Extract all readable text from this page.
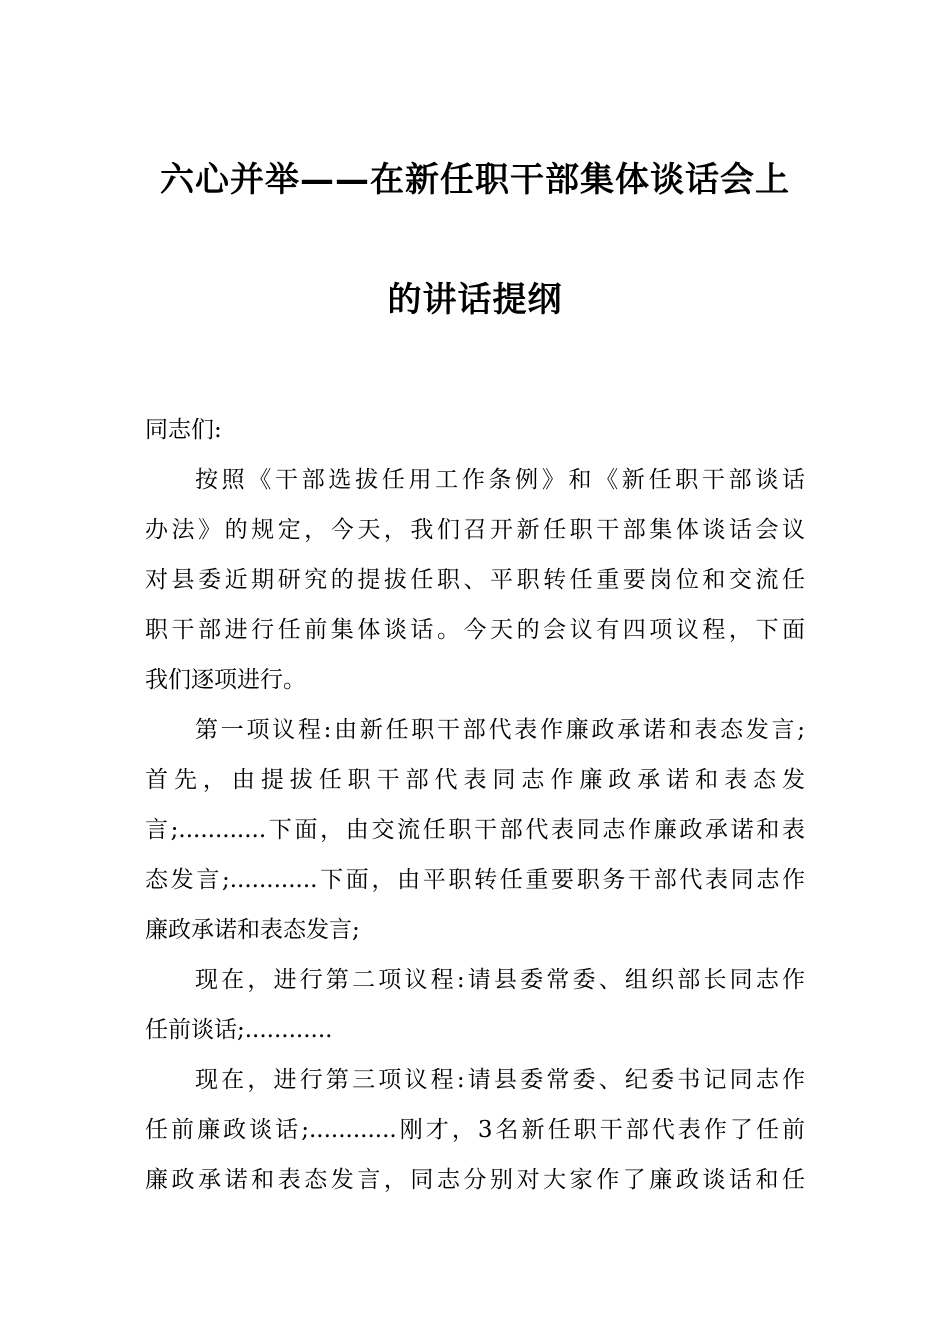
六心并举——在新任职干部集体谈话会上
的讲话提纲
同志们:
按照《干部选拔任用工作条例》和《新任职干部谈话
办法》的规定，今天，我们召开新任职干部集体谈话会议
对县委近期研究的提拔任职、平职转任重要岗位和交流任
职干部进行任前集体谈话。今天的会议有四项议程，下面
我们逐项进行。
第一项议程:由新任职干部代表作廉政承诺和表态发言;
首先，由提拔任职干部代表同志作廉政承诺和表态发
言;............下面，由交流任职干部代表同志作廉政承诺和表
态发言;............下面，由平职转任重要职务干部代表同志作
廉政承诺和表态发言;
现在，进行第二项议程:请县委常委、组织部长同志作
任前谈话;............
现在，进行第三项议程:请县委常委、纪委书记同志作
任前廉政谈话;............刚才，3名新任职干部代表作了任前
廉政承诺和表态发言，同志分别对大家作了廉政谈话和任
